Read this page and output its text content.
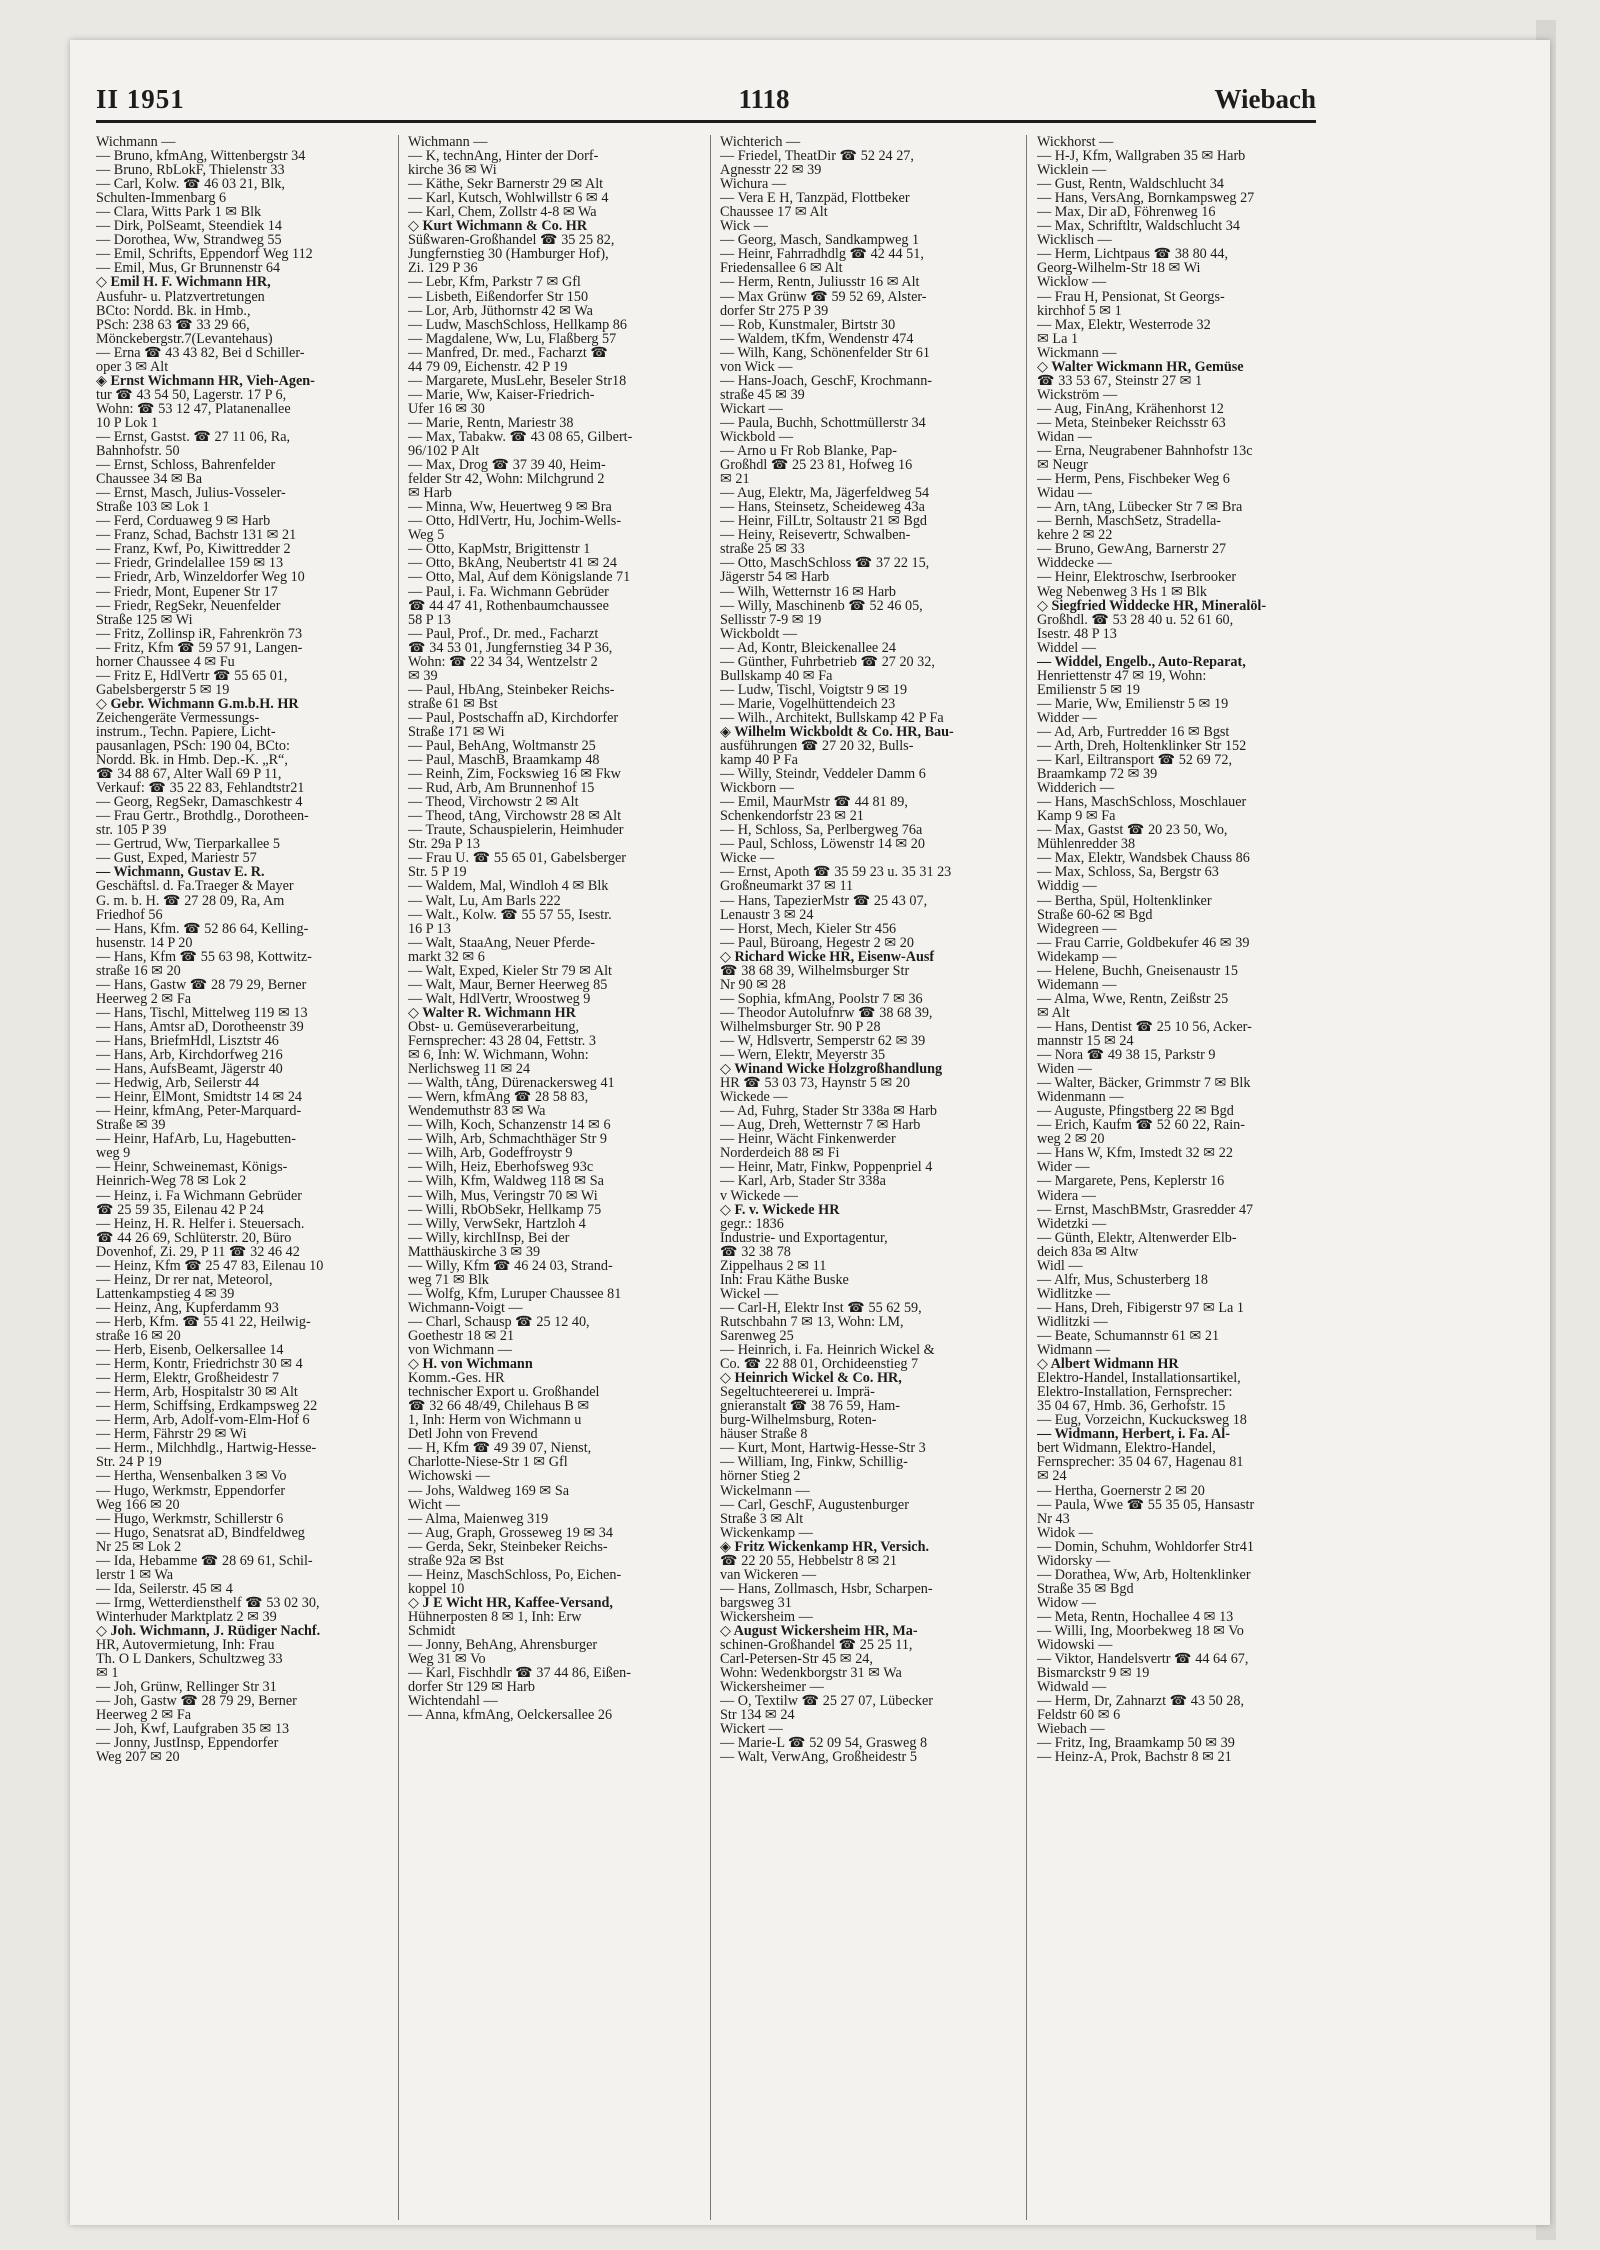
II 1951	1118	Wiebach
Wichmann —
— Bruno, kfmAng, Wittenbergstr 34
— Bruno, RbLokF, Thielenstr 33
— Carl, Kolw. ☎ 46 03 21, Blk,
Schulten-Immenbarg 6
— Clara, Witts Park 1 ✉ Blk
— Dirk, PolSeamt, Steendiek 14
— Dorothea, Ww, Strandweg 55
— Emil, Schrifts, Eppendorf Weg 112
— Emil, Mus, Gr Brunnenstr 64
◇ Emil H. F. Wichmann HR,
Ausfuhr- u. Platzvertretungen
BCto: Nordd. Bk. in Hmb.,
PSch: 238 63 ☎ 33 29 66,
Mönckebergstr.7(Levantehaus)
— Erna ☎ 43 43 82, Bei d Schiller-
oper 3 ✉ Alt
◈ Ernst Wichmann HR, Vieh-Agen-
tur ☎ 43 54 50, Lagerstr. 17 P 6,
Wohn: ☎ 53 12 47, Platanenallee
10 P Lok 1
— Ernst, Gastst. ☎ 27 11 06, Ra,
Bahnhofstr. 50
— Ernst, Schloss, Bahrenfelder
Chaussee 34 ✉ Ba
— Ernst, Masch, Julius-Vosseler-
Straße 103 ✉ Lok 1
— Ferd, Corduaweg 9 ✉ Harb
— Franz, Schad, Bachstr 131 ✉ 21
— Franz, Kwf, Po, Kiwittredder 2
— Friedr, Grindelallee 159 ✉ 13
— Friedr, Arb, Winzeldorfer Weg 10
— Friedr, Mont, Eupener Str 17
— Friedr, RegSekr, Neuenfelder
Straße 125 ✉ Wi
— Fritz, Zollinsp iR, Fahrenkrön 73
— Fritz, Kfm ☎ 59 57 91, Langen-
horner Chaussee 4 ✉ Fu
— Fritz E, HdlVertr ☎ 55 65 01,
Gabelsbergerstr 5 ✉ 19
◇ Gebr. Wichmann G.m.b.H. HR
Zeichengeräte Vermessungs-
instrum., Techn. Papiere, Licht-
pausanlagen, PSch: 190 04, BCto:
Nordd. Bk. in Hmb. Dep.-K. „R“,
☎ 34 88 67, Alter Wall 69 P 11,
Verkauf: ☎ 35 22 83, Fehlandtstr21
— Georg, RegSekr, Damaschkestr 4
— Frau Gertr., Brothdlg., Dorotheen-
str. 105 P 39
— Gertrud, Ww, Tierparkallee 5
— Gust, Exped, Mariestr 57
— Wichmann, Gustav E. R.
Geschäftsl. d. Fa.Traeger & Mayer
G. m. b. H. ☎ 27 28 09, Ra, Am
Friedhof 56
— Hans, Kfm. ☎ 52 86 64, Kelling-
husenstr. 14 P 20
— Hans, Kfm ☎ 55 63 98, Kottwitz-
straße 16 ✉ 20
— Hans, Gastw ☎ 28 79 29, Berner
Heerweg 2 ✉ Fa
— Hans, Tischl, Mittelweg 119 ✉ 13
— Hans, Amtsr aD, Dorotheenstr 39
— Hans, BriefmHdl, Lisztstr 46
— Hans, Arb, Kirchdorfweg 216
— Hans, AufsBeamt, Jägerstr 40
— Hedwig, Arb, Seilerstr 44
— Heinr, ElMont, Smidtstr 14 ✉ 24
— Heinr, kfmAng, Peter-Marquard-
Straße ✉ 39
— Heinr, HafArb, Lu, Hagebutten-
weg 9
— Heinr, Schweinemast, Königs-
Heinrich-Weg 78 ✉ Lok 2
— Heinz, i. Fa Wichmann Gebrüder
☎ 25 59 35, Eilenau 42 P 24
— Heinz, H. R. Helfer i. Steuersach.
☎ 44 26 69, Schlüterstr. 20, Büro
Dovenhof, Zi. 29, P 11 ☎ 32 46 42
— Heinz, Kfm ☎ 25 47 83, Eilenau 10
— Heinz, Dr rer nat, Meteorol,
Lattenkampstieg 4 ✉ 39
— Heinz, Ang, Kupferdamm 93
— Herb, Kfm. ☎ 55 41 22, Heilwig-
straße 16 ✉ 20
— Herb, Eisenb, Oelkersallee 14
— Herm, Kontr, Friedrichstr 30 ✉ 4
— Herm, Elektr, Großheidestr 7
— Herm, Arb, Hospitalstr 30 ✉ Alt
— Herm, Schiffsing, Erdkampsweg 22
— Herm, Arb, Adolf-vom-Elm-Hof 6
— Herm, Fährstr 29 ✉ Wi
— Herm., Milchhdlg., Hartwig-Hesse-
Str. 24 P 19
— Hertha, Wensenbalken 3 ✉ Vo
— Hugo, Werkmstr, Eppendorfer
Weg 166 ✉ 20
— Hugo, Werkmstr, Schillerstr 6
— Hugo, Senatsrat aD, Bindfeldweg
Nr 25 ✉ Lok 2
— Ida, Hebamme ☎ 28 69 61, Schil-
lerstr 1 ✉ Wa
— Ida, Seilerstr. 45 ✉ 4
— Irmg, Wetterdiensthelf ☎ 53 02 30,
Winterhuder Marktplatz 2 ✉ 39
◇ Joh. Wichmann, J. Rüdiger Nachf.
HR, Autovermietung, Inh: Frau
Th. O L Dankers, Schultzweg 33
✉ 1
— Joh, Grünw, Rellinger Str 31
— Joh, Gastw ☎ 28 79 29, Berner
Heerweg 2 ✉ Fa
— Joh, Kwf, Laufgraben 35 ✉ 13
— Jonny, JustInsp, Eppendorfer
Weg 207 ✉ 20
Wichmann —
— K, technAng, Hinter der Dorf-
kirche 36 ✉ Wi
— Käthe, Sekr Barnerstr 29 ✉ Alt
— Karl, Kutsch, Wohlwillstr 6 ✉ 4
— Karl, Chem, Zollstr 4-8 ✉ Wa
◇ Kurt Wichmann & Co. HR
Süßwaren-Großhandel ☎ 35 25 82,
Jungfernstieg 30 (Hamburger Hof),
Zi. 129 P 36
— Lebr, Kfm, Parkstr 7 ✉ Gfl
— Lisbeth, Eißendorfer Str 150
— Lor, Arb, Jüthornstr 42 ✉ Wa
— Ludw, MaschSchloss, Hellkamp 86
— Magdalene, Ww, Lu, Flaßberg 57
— Manfred, Dr. med., Facharzt ☎
44 79 09, Eichenstr. 42 P 19
— Margarete, MusLehr, Beseler Str18
— Marie, Ww, Kaiser-Friedrich-
Ufer 16 ✉ 30
— Marie, Rentn, Mariestr 38
— Max, Tabakw. ☎ 43 08 65, Gilbert-
96/102 P Alt
— Max, Drog ☎ 37 39 40, Heim-
felder Str 42, Wohn: Milchgrund 2
✉ Harb
— Minna, Ww, Heuertweg 9 ✉ Bra
— Otto, HdlVertr, Hu, Jochim-Wells-
Weg 5
— Otto, KapMstr, Brigittenstr 1
— Otto, BkAng, Neubertstr 41 ✉ 24
— Otto, Mal, Auf dem Königslande 71
— Paul, i. Fa. Wichmann Gebrüder
☎ 44 47 41, Rothenbaumchaussee
58 P 13
— Paul, Prof., Dr. med., Facharzt
☎ 34 53 01, Jungfernstieg 34 P 36,
Wohn: ☎ 22 34 34, Wentzelstr 2
✉ 39
— Paul, HbAng, Steinbeker Reichs-
straße 61 ✉ Bst
— Paul, Postschaffn aD, Kirchdorfer
Straße 171 ✉ Wi
— Paul, BehAng, Woltmanstr 25
— Paul, MaschB, Braamkamp 48
— Reinh, Zim, Fockswieg 16 ✉ Fkw
— Rud, Arb, Am Brunnenhof 15
— Theod, Virchowstr 2 ✉ Alt
— Theod, tAng, Virchowstr 28 ✉ Alt
— Traute, Schauspielerin, Heimhuder
Str. 29a P 13
— Frau U. ☎ 55 65 01, Gabelsberger
Str. 5 P 19
— Waldem, Mal, Windloh 4 ✉ Blk
— Walt, Lu, Am Barls 222
— Walt., Kolw. ☎ 55 57 55, Isestr.
16 P 13
— Walt, StaaAng, Neuer Pferde-
markt 32 ✉ 6
— Walt, Exped, Kieler Str 79 ✉ Alt
— Walt, Maur, Berner Heerweg 85
— Walt, HdlVertr, Wroostweg 9
◇ Walter R. Wichmann HR
Obst- u. Gemüseverarbeitung,
Fernsprecher: 43 28 04, Fettstr. 3
✉ 6, Inh: W. Wichmann, Wohn:
Nerlichsweg 11 ✉ 24
— Walth, tAng, Dürenackersweg 41
— Wern, kfmAng ☎ 28 58 83,
Wendemuthstr 83 ✉ Wa
— Wilh, Koch, Schanzenstr 14 ✉ 6
— Wilh, Arb, Schmachthäger Str 9
— Wilh, Arb, Godeffroystr 9
— Wilh, Heiz, Eberhofsweg 93c
— Wilh, Kfm, Waldweg 118 ✉ Sa
— Wilh, Mus, Veringstr 70 ✉ Wi
— Willi, RbObSekr, Hellkamp 75
— Willy, VerwSekr, Hartzloh 4
— Willy, kirchlInsp, Bei der
Matthäuskirche 3 ✉ 39
— Willy, Kfm ☎ 46 24 03, Strand-
weg 71 ✉ Blk
— Wolfg, Kfm, Luruper Chaussee 81
Wichmann-Voigt —
— Charl, Schausp ☎ 25 12 40,
Goethestr 18 ✉ 21
von Wichmann —
◇ H. von Wichmann
Komm.-Ges. HR
technischer Export u. Großhandel
☎ 32 66 48/49, Chilehaus B ✉
1, Inh: Herm von Wichmann u
Detl John von Frevend
— H, Kfm ☎ 49 39 07, Nienst,
Charlotte-Niese-Str 1 ✉ Gfl
Wichowski —
— Johs, Waldweg 169 ✉ Sa
Wicht —
— Alma, Maienweg 319
— Aug, Graph, Grosseweg 19 ✉ 34
— Gerda, Sekr, Steinbeker Reichs-
straße 92a ✉ Bst
— Heinz, MaschSchloss, Po, Eichen-
koppel 10
◇ J E Wicht HR, Kaffee-Versand,
Hühnerposten 8 ✉ 1, Inh: Erw
Schmidt
— Jonny, BehAng, Ahrensburger
Weg 31 ✉ Vo
— Karl, Fischhdlr ☎ 37 44 86, Eißen-
dorfer Str 129 ✉ Harb
Wichtendahl —
— Anna, kfmAng, Oelckersallee 26
Wichterich —
— Friedel, TheatDir ☎ 52 24 27,
Agnesstr 22 ✉ 39
Wichura —
— Vera E H, Tanzpäd, Flottbeker
Chaussee 17 ✉ Alt
Wick —
— Georg, Masch, Sandkampweg 1
— Heinr, Fahrradhdlg ☎ 42 44 51,
Friedensallee 6 ✉ Alt
— Herm, Rentn, Juliusstr 16 ✉ Alt
— Max Grünw ☎ 59 52 69, Alster-
dorfer Str 275 P 39
— Rob, Kunstmaler, Birtstr 30
— Waldem, tKfm, Wendenstr 474
— Wilh, Kang, Schönenfelder Str 61
von Wick —
— Hans-Joach, GeschF, Krochmann-
straße 45 ✉ 39
Wickart —
— Paula, Buchh, Schottmüllerstr 34
Wickbold —
— Arno u Fr Rob Blanke, Pap-
Großhdl ☎ 25 23 81, Hofweg 16
✉ 21
— Aug, Elektr, Ma, Jägerfeldweg 54
— Hans, Steinsetz, Scheideweg 43a
— Heinr, FilLtr, Soltaustr 21 ✉ Bgd
— Heiny, Reisevertr, Schwalben-
straße 25 ✉ 33
— Otto, MaschSchloss ☎ 37 22 15,
Jägerstr 54 ✉ Harb
— Wilh, Wetternstr 16 ✉ Harb
— Willy, Maschinenb ☎ 52 46 05,
Sellisstr 7-9 ✉ 19
Wickboldt —
— Ad, Kontr, Bleickenallee 24
— Günther, Fuhrbetrieb ☎ 27 20 32,
Bullskamp 40 ✉ Fa
— Ludw, Tischl, Voigtstr 9 ✉ 19
— Marie, Vogelhüttendeich 23
— Wilh., Architekt, Bullskamp 42 P Fa
◈ Wilhelm Wickboldt & Co. HR, Bau-
ausführungen ☎ 27 20 32, Bulls-
kamp 40 P Fa
— Willy, Steindr, Veddeler Damm 6
Wickborn —
— Emil, MaurMstr ☎ 44 81 89,
Schenkendorfstr 23 ✉ 21
— H, Schloss, Sa, Perlbergweg 76a
— Paul, Schloss, Löwenstr 14 ✉ 20
Wicke —
— Ernst, Apoth ☎ 35 59 23 u. 35 31 23
Großneumarkt 37 ✉ 11
— Hans, TapezierMstr ☎ 25 43 07,
Lenaustr 3 ✉ 24
— Horst, Mech, Kieler Str 456
— Paul, Büroang, Hegestr 2 ✉ 20
◇ Richard Wicke HR, Eisenw-Ausf
☎ 38 68 39, Wilhelmsburger Str
Nr 90 ✉ 28
— Sophia, kfmAng, Poolstr 7 ✉ 36
— Theodor Autolufnrw ☎ 38 68 39,
Wilhelmsburger Str. 90 P 28
— W, Hdlsvertr, Semperstr 62 ✉ 39
— Wern, Elektr, Meyerstr 35
◇ Winand Wicke Holzgroßhandlung
HR ☎ 53 03 73, Haynstr 5 ✉ 20
Wickede —
— Ad, Fuhrg, Stader Str 338a ✉ Harb
— Aug, Dreh, Wetternstr 7 ✉ Harb
— Heinr, Wächt Finkenwerder
Norderdeich 88 ✉ Fi
— Heinr, Matr, Finkw, Poppenpriel 4
— Karl, Arb, Stader Str 338a
v Wickede —
◇ F. v. Wickede HR
gegr.: 1836
Industrie- und Exportagentur,
☎ 32 38 78
Zippelhaus 2 ✉ 11
Inh: Frau Käthe Buske
Wickel —
— Carl-H, Elektr Inst ☎ 55 62 59,
Rutschbahn 7 ✉ 13, Wohn: LM,
Sarenweg 25
— Heinrich, i. Fa. Heinrich Wickel &
Co. ☎ 22 88 01, Orchideenstieg 7
◇ Heinrich Wickel & Co. HR,
Segeltuchteererei u. Imprä-
gnieranstalt ☎ 38 76 59, Ham-
burg-Wilhelmsburg, Roten-
häuser Straße 8
— Kurt, Mont, Hartwig-Hesse-Str 3
— William, Ing, Finkw, Schillig-
hörner Stieg 2
Wickelmann —
— Carl, GeschF, Augustenburger
Straße 3 ✉ Alt
Wickenkamp —
◈ Fritz Wickenkamp HR, Versich.
☎ 22 20 55, Hebbelstr 8 ✉ 21
van Wickeren —
— Hans, Zollmasch, Hsbr, Scharpen-
bargsweg 31
Wickersheim —
◇ August Wickersheim HR, Ma-
schinen-Großhandel ☎ 25 25 11,
Carl-Petersen-Str 45 ✉ 24,
Wohn: Wedenkborgstr 31 ✉ Wa
Wickersheimer —
— O, Textilw ☎ 25 27 07, Lübecker
Str 134 ✉ 24
Wickert —
— Marie-L ☎ 52 09 54, Grasweg 8
— Walt, VerwAng, Großheidestr 5
Wickhorst —
— H-J, Kfm, Wallgraben 35 ✉ Harb
Wicklein —
— Gust, Rentn, Waldschlucht 34
— Hans, VersAng, Bornkampsweg 27
— Max, Dir aD, Föhrenweg 16
— Max, Schriftltr, Waldschlucht 34
Wicklisch —
— Herm, Lichtpaus ☎ 38 80 44,
Georg-Wilhelm-Str 18 ✉ Wi
Wicklow —
— Frau H, Pensionat, St Georgs-
kirchhof 5 ✉ 1
— Max, Elektr, Westerrode 32
✉ La 1
Wickmann —
◇ Walter Wickmann HR, Gemüse
☎ 33 53 67, Steinstr 27 ✉ 1
Wickström —
— Aug, FinAng, Krähenhorst 12
— Meta, Steinbeker Reichsstr 63
Widan —
— Erna, Neugrabener Bahnhofstr 13c
✉ Neugr
— Herm, Pens, Fischbeker Weg 6
Widau —
— Arn, tAng, Lübecker Str 7 ✉ Bra
— Bernh, MaschSetz, Stradella-
kehre 2 ✉ 22
— Bruno, GewAng, Barnerstr 27
Widdecke —
— Heinr, Elektroschw, Iserbrooker
Weg Nebenweg 3 Hs 1 ✉ Blk
◇ Siegfried Widdecke HR, Mineralöl-
Großhdl. ☎ 53 28 40 u. 52 61 60,
Isestr. 48 P 13
Widdel —
— Widdel, Engelb., Auto-Reparat,
Henriettenstr 47 ✉ 19, Wohn:
Emilienstr 5 ✉ 19
— Marie, Ww, Emilienstr 5 ✉ 19
Widder —
— Ad, Arb, Furtredder 16 ✉ Bgst
— Arth, Dreh, Holtenklinker Str 152
— Karl, Eiltransport ☎ 52 69 72,
Braamkamp 72 ✉ 39
Widderich —
— Hans, MaschSchloss, Moschlauer
Kamp 9 ✉ Fa
— Max, Gastst ☎ 20 23 50, Wo,
Mühlenredder 38
— Max, Elektr, Wandsbek Chauss 86
— Max, Schloss, Sa, Bergstr 63
Widdig —
— Bertha, Spül, Holtenklinker
Straße 60-62 ✉ Bgd
Widegreen —
— Frau Carrie, Goldbekufer 46 ✉ 39
Widekamp —
— Helene, Buchh, Gneisenaustr 15
Widemann —
— Alma, Wwe, Rentn, Zeißstr 25
✉ Alt
— Hans, Dentist ☎ 25 10 56, Acker-
mannstr 15 ✉ 24
— Nora ☎ 49 38 15, Parkstr 9
Widen —
— Walter, Bäcker, Grimmstr 7 ✉ Blk
Widenmann —
— Auguste, Pfingstberg 22 ✉ Bgd
— Erich, Kaufm ☎ 52 60 22, Rain-
weg 2 ✉ 20
— Hans W, Kfm, Imstedt 32 ✉ 22
Wider —
— Margarete, Pens, Keplerstr 16
Widera —
— Ernst, MaschBMstr, Grasredder 47
Widetzki —
— Günth, Elektr, Altenwerder Elb-
deich 83a ✉ Altw
Widl —
— Alfr, Mus, Schusterberg 18
Widlitzke —
— Hans, Dreh, Fibigerstr 97 ✉ La 1
Widlitzki —
— Beate, Schumannstr 61 ✉ 21
Widmann —
◇ Albert Widmann HR
Elektro-Handel, Installationsartikel,
Elektro-Installation, Fernsprecher:
35 04 67, Hmb. 36, Gerhofstr. 15
— Eug, Vorzeichn, Kuckucksweg 18
— Widmann, Herbert, i. Fa. Al-
bert Widmann, Elektro-Handel,
Fernsprecher: 35 04 67, Hagenau 81
✉ 24
— Hertha, Goernerstr 2 ✉ 20
— Paula, Wwe ☎ 55 35 05, Hansastr
Nr 43
Widok —
— Domin, Schuhm, Wohldorfer Str41
Widorsky —
— Dorathea, Ww, Arb, Holtenklinker
Straße 35 ✉ Bgd
Widow —
— Meta, Rentn, Hochallee 4 ✉ 13
— Willi, Ing, Moorbekweg 18 ✉ Vo
Widowski —
— Viktor, Handelsvertr ☎ 44 64 67,
Bismarckstr 9 ✉ 19
Widwald —
— Herm, Dr, Zahnarzt ☎ 43 50 28,
Feldstr 60 ✉ 6
Wiebach —
— Fritz, Ing, Braamkamp 50 ✉ 39
— Heinz-A, Prok, Bachstr 8 ✉ 21
